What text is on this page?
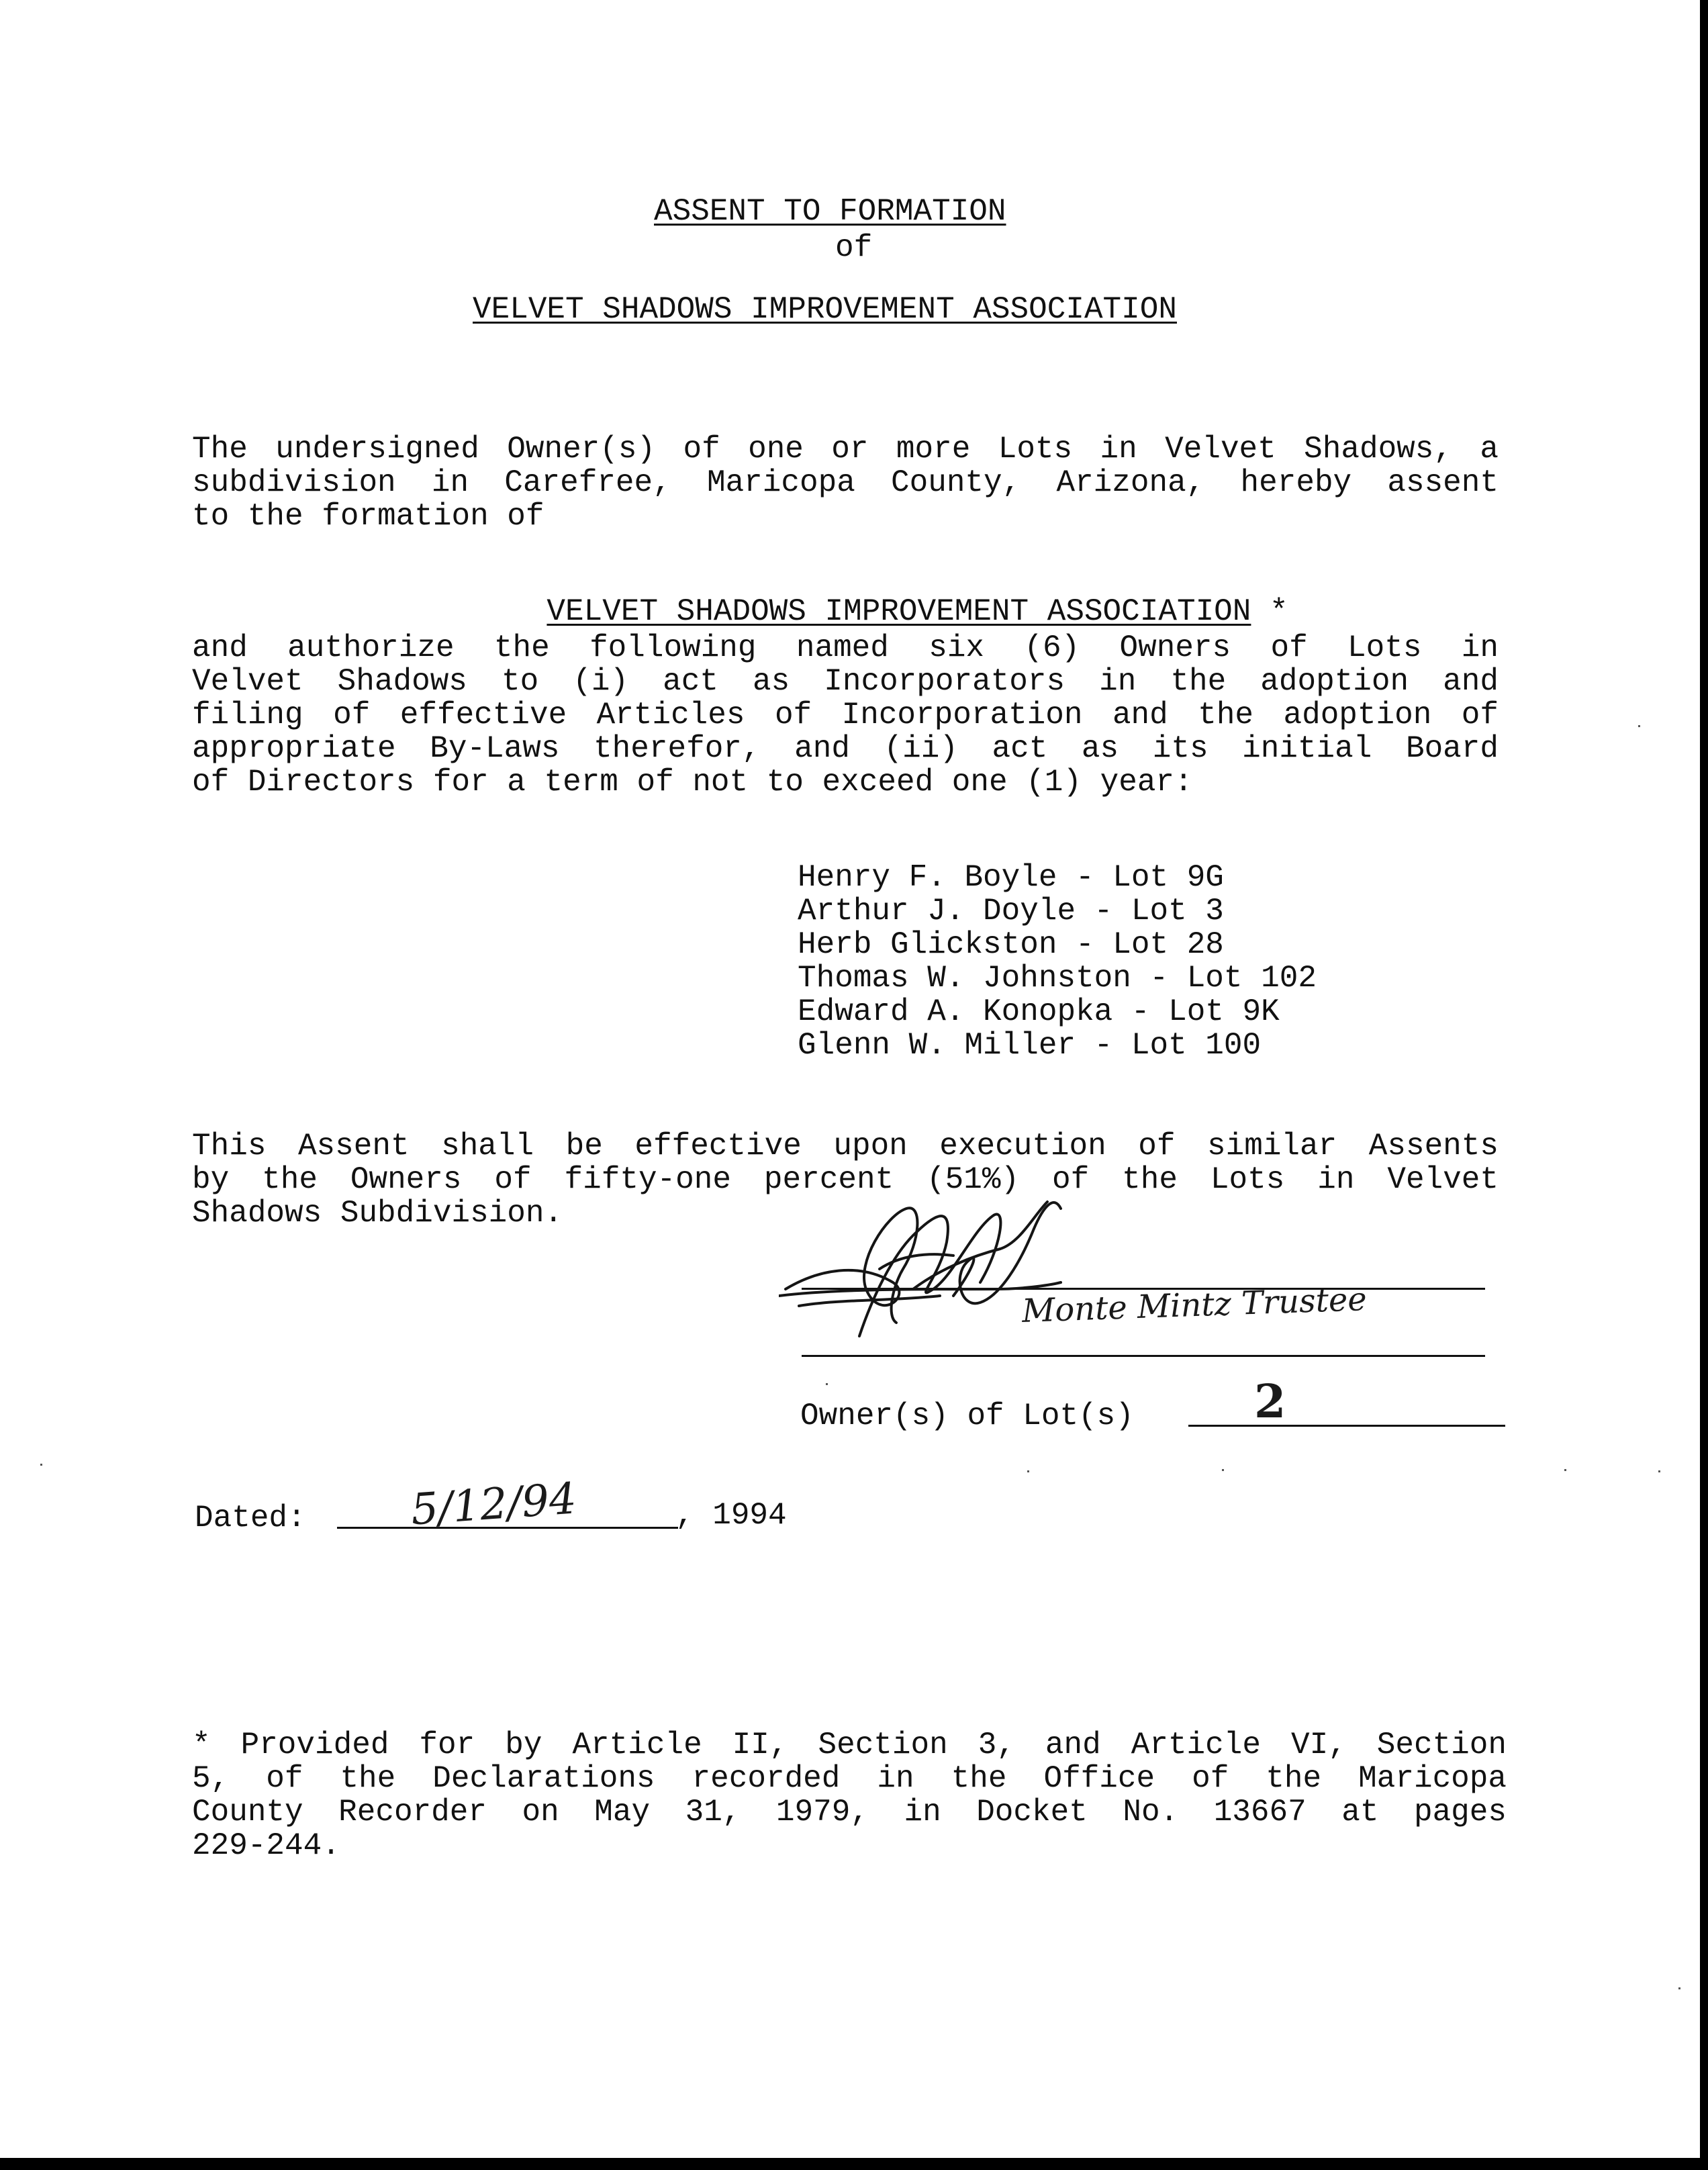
ASSENT TO FORMATION
of
VELVET SHADOWS IMPROVEMENT ASSOCIATION
The undersigned Owner(s) of one or more Lots in Velvet Shadows, a
subdivision in Carefree, Maricopa County, Arizona, hereby assent
to the formation of

VELVET SHADOWS IMPROVEMENT ASSOCIATION *

and authorize the following named six (6) Owners of Lots in
Velvet Shadows to (i) act as Incorporators in the adoption and
filing of effective Articles of Incorporation and the adoption of
appropriate By-Laws therefor, and (ii) act as its initial Board
of Directors for a term of not to exceed one (1) year:
Henry F. Boyle - Lot 9G
Arthur J. Doyle - Lot 3
Herb Glickston - Lot 28
Thomas W. Johnston - Lot 102
Edward A. Konopka - Lot 9K
Glenn W. Miller - Lot 100
This Assent shall be effective upon execution of similar Assents
by the Owners of fifty-one percent (51%) of the Lots in Velvet
Shadows Subdivision.
Monte Mintz Trustee
Owner(s) of Lot(s)	2
Dated: 5/12/94	, 1994
* Provided for by Article II, Section 3, and Article VI, Section
5, of the Declarations recorded in the Office of the Maricopa
County Recorder on May 31, 1979, in Docket No. 13667 at pages
229-244.
